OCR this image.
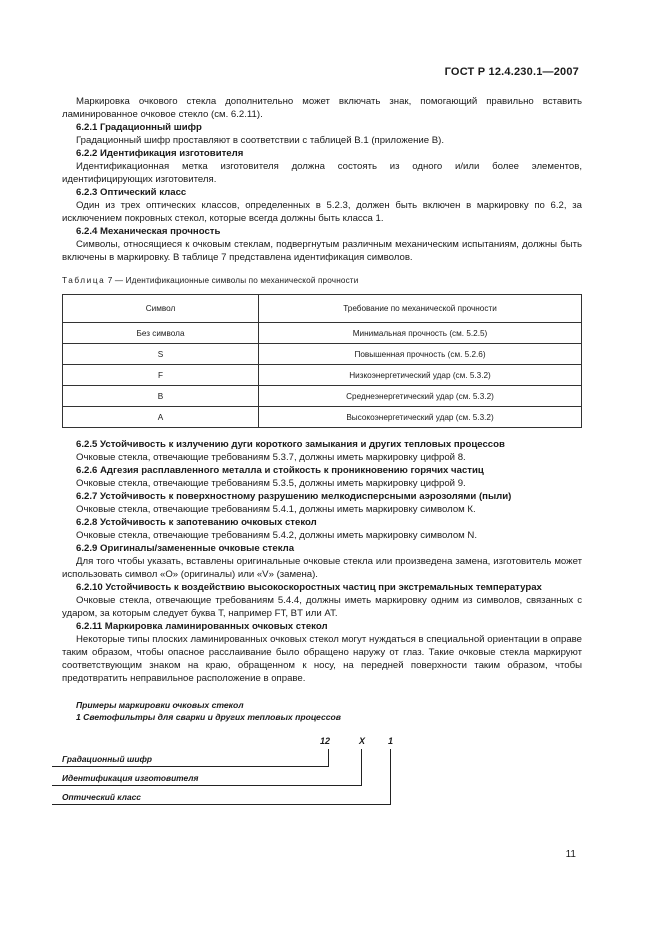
ГОСТ Р 12.4.230.1—2007

Маркировка очкового стекла дополнительно может включать знак, помогающий правильно вставить ламинированное очковое стекло (см. 6.2.11).

6.2.1 Градационный шифр

Градационный шифр проставляют в соответствии с таблицей В.1 (приложение В).

6.2.2 Идентификация изготовителя

Идентификационная метка изготовителя должна состоять из одного и/или более элементов, идентифицирующих изготовителя.

6.2.3 Оптический класс

Один из трех оптических классов, определенных в 5.2.3, должен быть включен в маркировку по 6.2, за исключением покровных стекол, которые всегда должны быть класса 1.

6.2.4 Механическая прочность

Символы, относящиеся к очковым стеклам, подвергнутым различным механическим испытаниям, должны быть включены в маркировку. В таблице 7 представлена идентификация символов.

Таблица 7 — Идентификационные символы по механической прочности
Символ	Требование по механической прочности
Без символа	Минимальная прочность (см. 5.2.5)
S	Повышенная прочность (см. 5.2.6)
F	Низкоэнергетический удар (см. 5.3.2)
B	Среднеэнергетический удар (см. 5.3.2)
A	Высокоэнергетический удар (см. 5.3.2)

6.2.5 Устойчивость к излучению дуги короткого замыкания и других тепловых процессов

Очковые стекла, отвечающие требованиям 5.3.7, должны иметь маркировку цифрой 8.

6.2.6 Адгезия расплавленного металла и стойкость к проникновению горячих частиц

Очковые стекла, отвечающие требованиям 5.3.5, должны иметь маркировку цифрой 9.

6.2.7 Устойчивость к поверхностному разрушению мелкодисперсными аэрозолями (пыли)

Очковые стекла, отвечающие требованиям 5.4.1, должны иметь маркировку символом К.

6.2.8 Устойчивость к запотеванию очковых стекол

Очковые стекла, отвечающие требованиям 5.4.2, должны иметь маркировку символом N.

6.2.9 Оригиналы/замененные очковые стекла

Для того чтобы указать, вставлены оригинальные очковые стекла или произведена замена, изготовитель может использовать символ «О» (оригиналы) или «V» (замена).

6.2.10 Устойчивость к воздействию высокоскоростных частиц при экстремальных температурах

Очковые стекла, отвечающие требованиям 5.4.4, должны иметь маркировку одним из символов, связанных с ударом, за которым следует буква Т, например FT, BT или AT.

6.2.11 Маркировка ламинированных очковых стекол

Некоторые типы плоских ламинированных очковых стекол могут нуждаться в специальной ориентации в оправе таким образом, чтобы опасное расслаивание было обращено наружу от глаз. Такие очковые стекла маркируют соответствующим знаком на краю, обращенном к носу, на передней поверхности таким образом, чтобы предотвратить неправильное расположение в оправе.

Примеры маркировки очковых стекол
1 Светофильтры для сварки и других тепловых процессов
12	X	1
Градационный шифр
Идентификация изготовителя
Оптический класс
11
